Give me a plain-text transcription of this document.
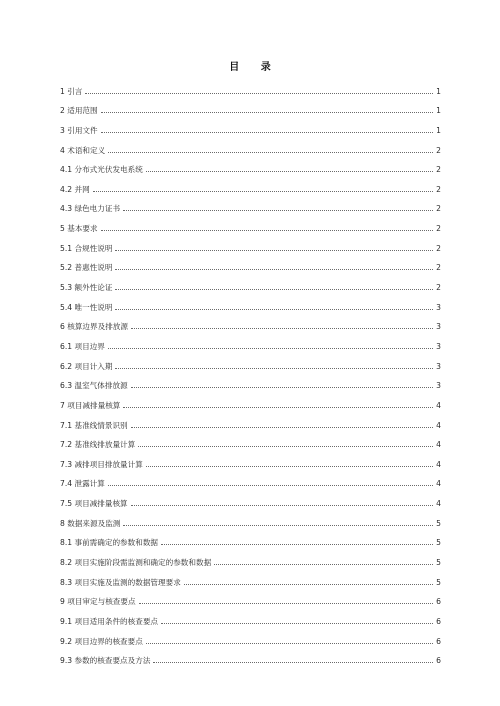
目 录
1 引言	1
2 适用范围	1
3 引用文件	1
4 术语和定义	2
4.1 分布式光伏发电系统	2
4.2 并网	2
4.3 绿色电力证书	2
5 基本要求	2
5.1 合规性说明	2
5.2 普惠性说明	2
5.3 额外性论证	2
5.4 唯一性说明	3
6 核算边界及排放源	3
6.1 项目边界	3
6.2 项目计入期	3
6.3 温室气体排放源	3
7 项目减排量核算	4
7.1 基准线情景识别	4
7.2 基准线排放量计算	4
7.3 减排项目排放量计算	4
7.4 泄露计算	4
7.5 项目减排量核算	4
8 数据来源及监测	5
8.1 事前需确定的参数和数据	5
8.2 项目实施阶段需监测和确定的参数和数据	5
8.3 项目实施及监测的数据管理要求	5
9 项目审定与核查要点	6
9.1 项目适用条件的核查要点	6
9.2 项目边界的核查要点	6
9.3 参数的核查要点及方法	6
